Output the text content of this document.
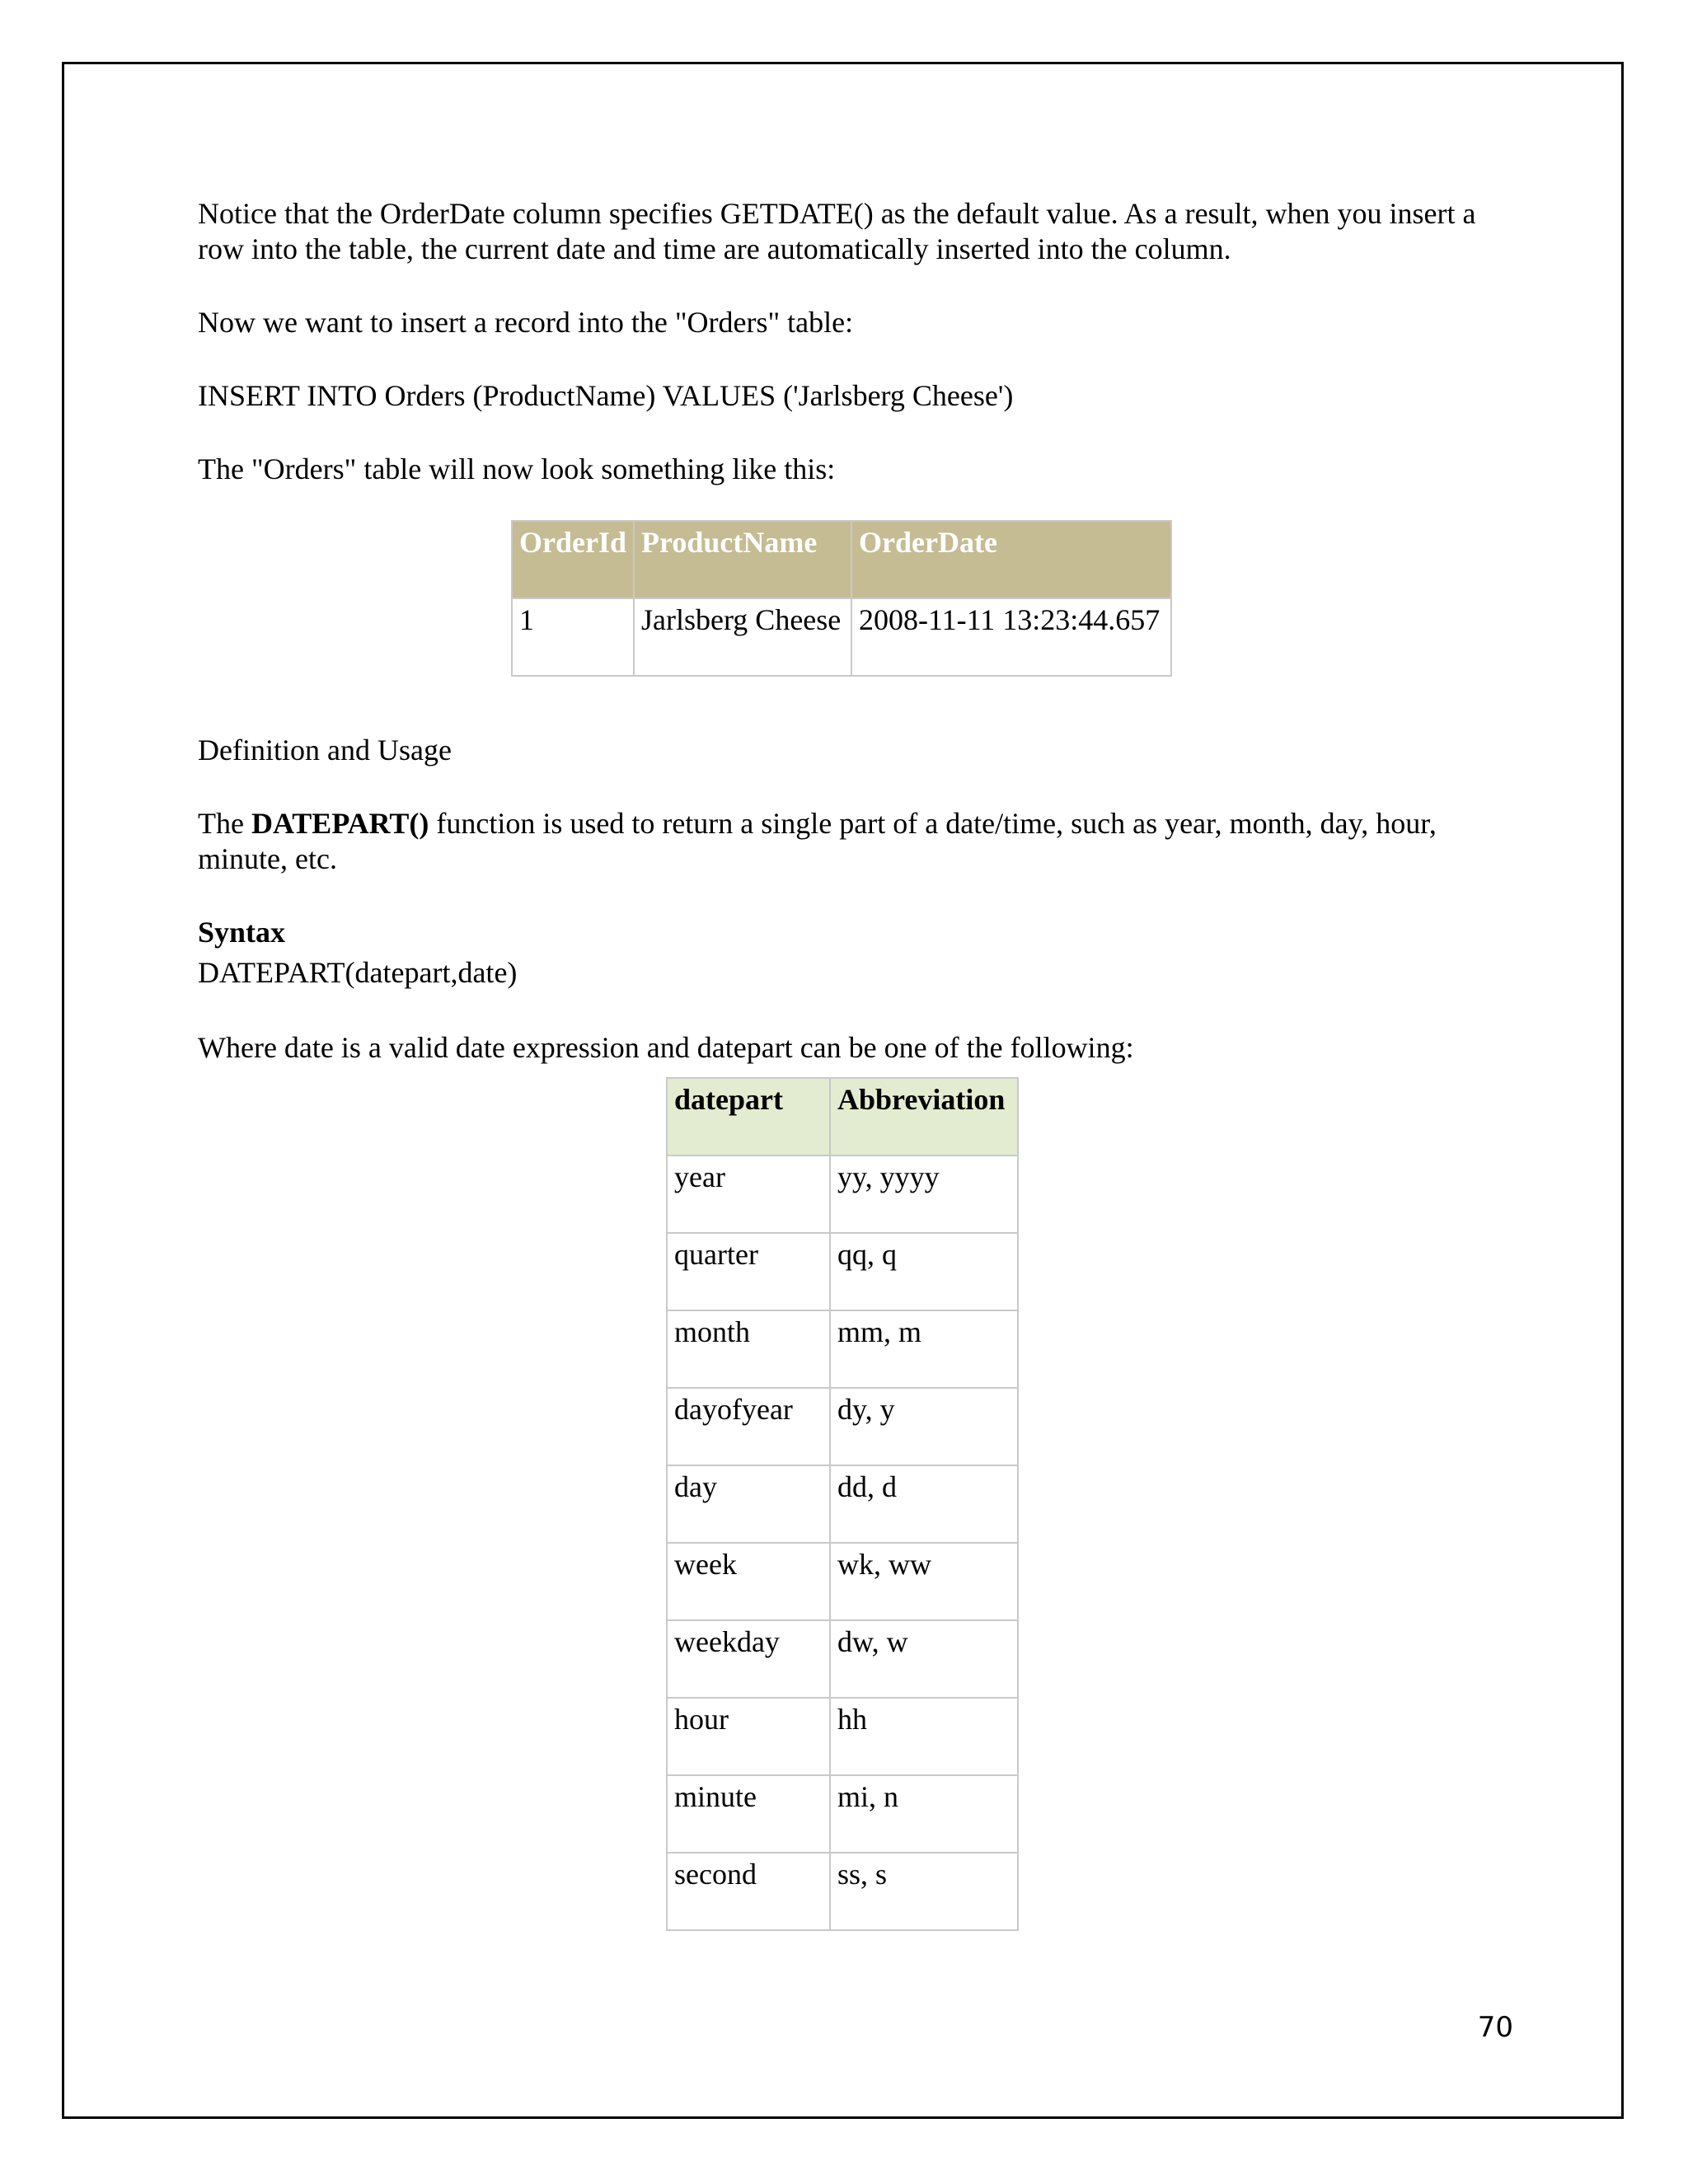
Notice that the OrderDate column specifies GETDATE() as the default value. As a result, when you insert a row into the table, the current date and time are automatically inserted into the column.

Now we want to insert a record into the "Orders" table:

INSERT INTO Orders (ProductName) VALUES ('Jarlsberg Cheese')

The "Orders" table will now look something like this:

OrderId	ProductName	OrderDate
1	Jarlsberg Cheese	2008-11-11 13:23:44.657

Definition and Usage

The DATEPART() function is used to return a single part of a date/time, such as year, month, day, hour, minute, etc.

Syntax

DATEPART(datepart,date)

Where date is a valid date expression and datepart can be one of the following:

datepart	Abbreviation
year	yy, yyyy
quarter	qq, q
month	mm, m
dayofyear	dy, y
day	dd, d
week	wk, ww
weekday	dw, w
hour	hh
minute	mi, n
second	ss, s
70
